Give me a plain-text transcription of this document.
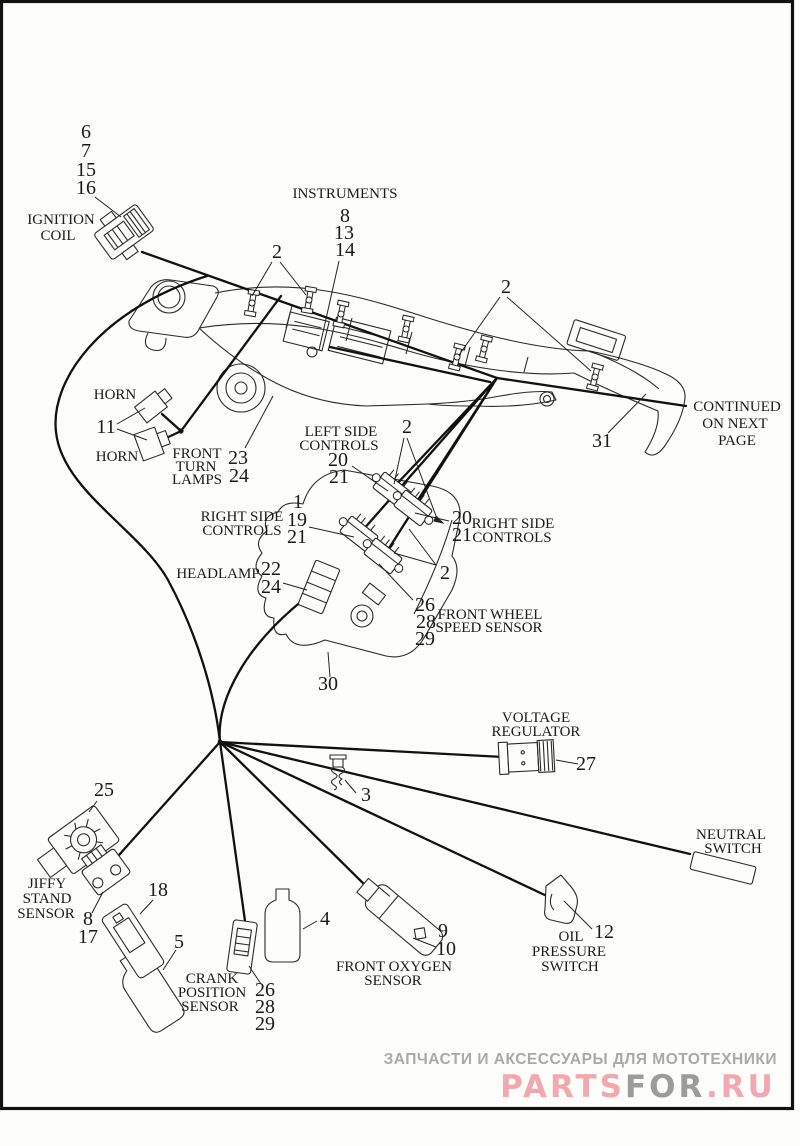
6
7
15
16
8
13
14
2
2
11
23
24
20
21
2
1
19
21
20
21
22
24
2
26
28
29
30
31
27
3
12
25
8
17
18
5
26
28
29
4
9
10
IGNITION
COIL
INSTRUMENTS
HORN
HORN FRONT
TURN
LAMPS
LEFT SIDE
CONTROLS
RIGHT SIDE
CONTROLS	RIGHT SIDE
CONTROLS
HEADLAMP
FRONT WHEEL
SPEED SENSOR
CONTINUED
ON NEXT
PAGE
VOLTAGE
REGULATOR
NEUTRAL
SWITCH
JIFFY
STAND
SENSOR
CRANK
POSITION
SENSOR
FRONT OXYGEN
SENSOR
OIL
PRESSURE
SWITCH
ЗАПЧАСТИ И АКСЕССУАРЫ ДЛЯ МОТОТЕХНИКИ
PARTSFOR.RU
